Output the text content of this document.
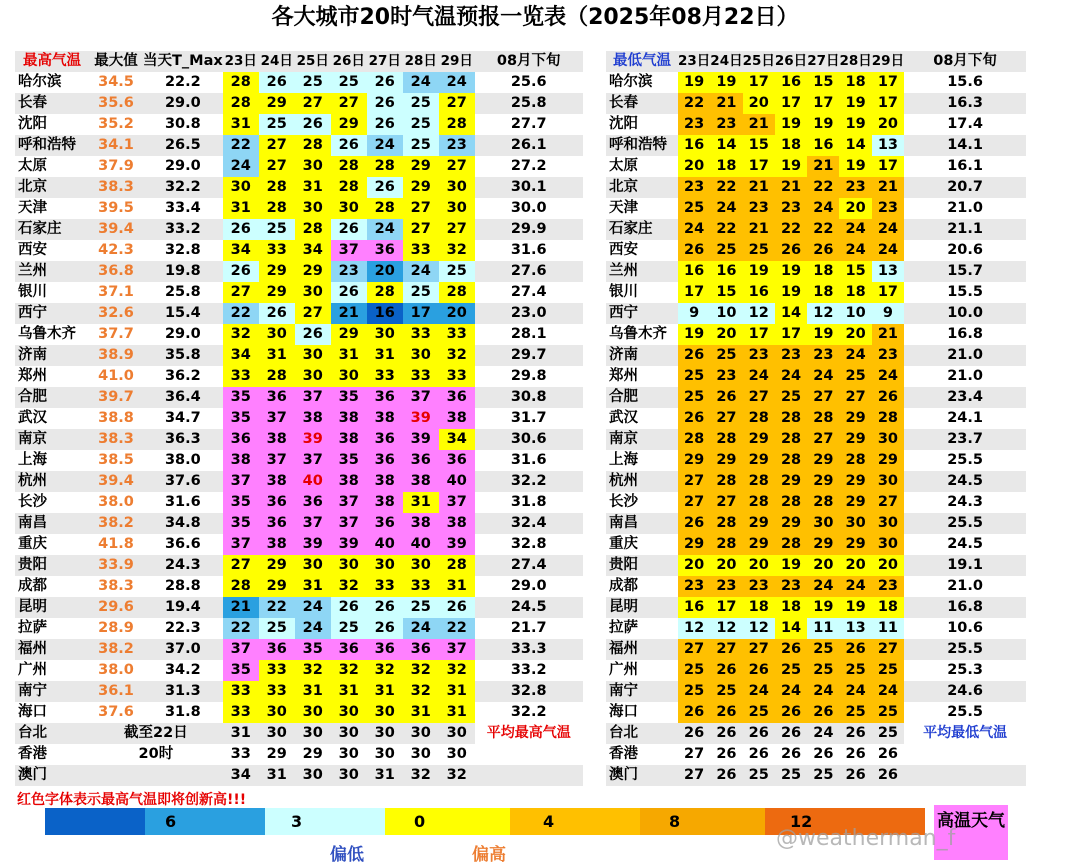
各大城市20时气温预报一览表（2025年08月22日）
最高气温	最大值	当天T_Max	23日	24日	25日	26日	27日	28日	29日	08月下旬
哈尔滨	34.5	22.2	28	26	25	25	26	24	24	25.6
长春	35.6	29.0	28	29	27	27	26	25	27	25.8
沈阳	35.2	30.8	31	25	26	29	26	25	28	27.7
呼和浩特	34.1	26.5	22	27	28	26	24	25	23	26.1
太原	37.9	29.0	24	27	30	28	28	29	27	27.2
北京	38.3	32.2	30	28	31	28	26	29	30	30.1
天津	39.5	33.4	31	28	30	30	28	27	30	30.0
石家庄	39.4	33.2	26	25	28	26	24	27	27	29.9
西安	42.3	32.8	34	33	34	37	36	33	32	31.6
兰州	36.8	19.8	26	29	29	23	20	24	25	27.6
银川	37.1	25.8	27	29	30	26	28	25	28	27.4
西宁	32.6	15.4	22	26	27	21	16	17	20	23.0
乌鲁木齐	37.7	29.0	32	30	26	29	30	33	33	28.1
济南	38.9	35.8	34	31	30	31	31	30	32	29.7
郑州	41.0	36.2	33	28	30	30	33	33	33	29.8
合肥	39.7	36.4	35	36	37	35	36	37	36	30.8
武汉	38.8	34.7	35	37	38	38	38	39	38	31.7
南京	38.3	36.3	36	38	39	38	36	39	34	30.6
上海	38.5	38.0	38	37	37	35	36	36	36	31.6
杭州	39.4	37.6	37	38	40	38	38	38	40	32.2
长沙	38.0	31.6	35	36	36	37	38	31	37	31.8
南昌	38.2	34.8	35	36	37	37	36	38	38	32.4
重庆	41.8	36.6	37	38	39	39	40	40	39	32.8
贵阳	33.9	24.3	27	29	30	30	30	30	28	27.4
成都	38.3	28.8	28	29	31	32	33	33	31	29.0
昆明	29.6	19.4	21	22	24	26	26	25	26	24.5
拉萨	28.9	22.3	22	25	24	25	26	24	22	21.7
福州	38.2	37.0	37	36	35	36	36	36	37	33.3
广州	38.0	34.2	35	33	32	32	32	32	32	33.2
南宁	36.1	31.3	33	33	31	31	31	32	31	32.8
海口	37.6	31.8	33	30	30	30	30	31	31	32.2
台北	截至22日		31	30	30	30	30	30	30	平均最高气温
香港	20时		33	29	29	30	30	30	30	
澳门			34	31	30	30	31	32	32	
最低气温	23日	24日	25日	26日	27日	28日	29日	08月下旬
哈尔滨	19	19	17	16	15	18	17	15.6
长春	22	21	20	17	17	19	17	16.3
沈阳	23	23	21	19	19	19	20	17.4
呼和浩特	16	14	15	18	16	14	13	14.1
太原	20	18	17	19	21	19	17	16.1
北京	23	22	21	21	22	23	21	20.7
天津	25	24	23	23	24	20	23	21.0
石家庄	24	22	21	22	22	24	24	21.1
西安	26	25	25	26	26	24	24	20.6
兰州	16	16	19	19	18	15	13	15.7
银川	17	15	16	19	18	18	17	15.5
西宁	9	10	12	14	12	10	9	10.0
乌鲁木齐	19	20	17	17	19	20	21	16.8
济南	26	25	23	23	23	24	23	21.0
郑州	25	23	24	24	24	25	24	21.0
合肥	25	26	27	25	27	27	26	23.4
武汉	26	27	28	28	28	29	28	24.1
南京	28	28	29	28	27	29	30	23.7
上海	29	29	29	28	29	28	29	25.5
杭州	27	28	28	29	29	29	30	24.5
长沙	27	27	28	28	28	29	27	24.3
南昌	26	28	29	29	30	30	30	25.5
重庆	29	28	29	28	29	29	30	24.5
贵阳	20	20	20	19	20	20	20	19.1
成都	23	23	23	23	24	24	23	21.0
昆明	16	17	18	18	19	19	18	16.8
拉萨	12	12	12	14	11	13	11	10.6
福州	27	27	27	26	25	26	27	25.5
广州	25	26	26	25	25	25	25	25.3
南宁	25	25	24	24	24	24	24	24.6
海口	26	26	25	26	26	25	25	25.5
台北	26	26	26	26	24	26	25	平均最低气温
香港	27	26	26	26	26	26	26	
澳门	27	26	25	25	25	26	26	
红色字体表示最高气温即将创新高!!!
6	3	0	4	8	12
偏低	偏高
高温天气
@weatherman_f
